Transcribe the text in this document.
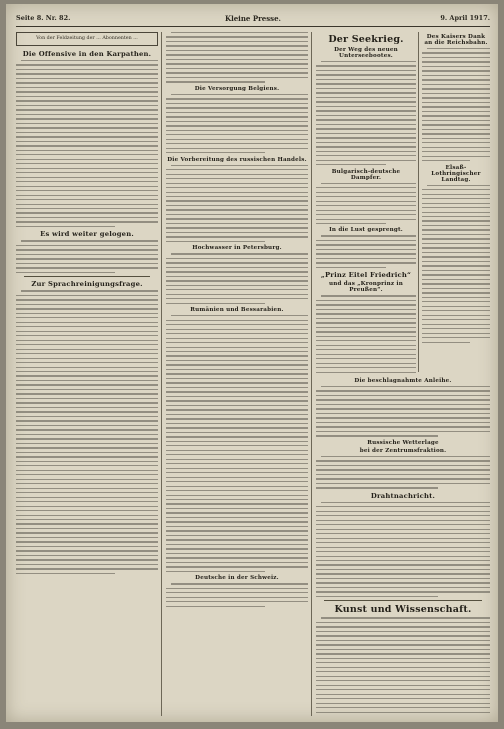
Seite 8. Nr. 82.	Kleine Presse.	9. April 1917.
Von der Feldzeitung der ... Abonnenten ...
Die Offensive in den Karpathen.
Es wird weiter gelogen.
Zur Sprachreinigungsfrage.
Die Versorgung Belgiens.
Die Vorbereitung des russischen Handels.
Hochwasser in Petersburg.
Rumänien und Bessarabien.
Deutsche in der Schweiz.
Der Seekrieg.
Der Weg des neuen Unterseebootes.
Bulgarisch-deutsche Dampfer.
In die Lust gesprengt.
„Prinz Eitel Friedrich“
und das „Kronprinz in Preußen“.
Des Kaisers Dank an die Reichsbahn.
Elsaß-Lothringischer Landtag.
Die beschlagnahmte Anleihe.
Russische Wetterlage
bei der Zentrumsfraktion.
Drahtnachricht.
Kunst und Wissenschaft.
